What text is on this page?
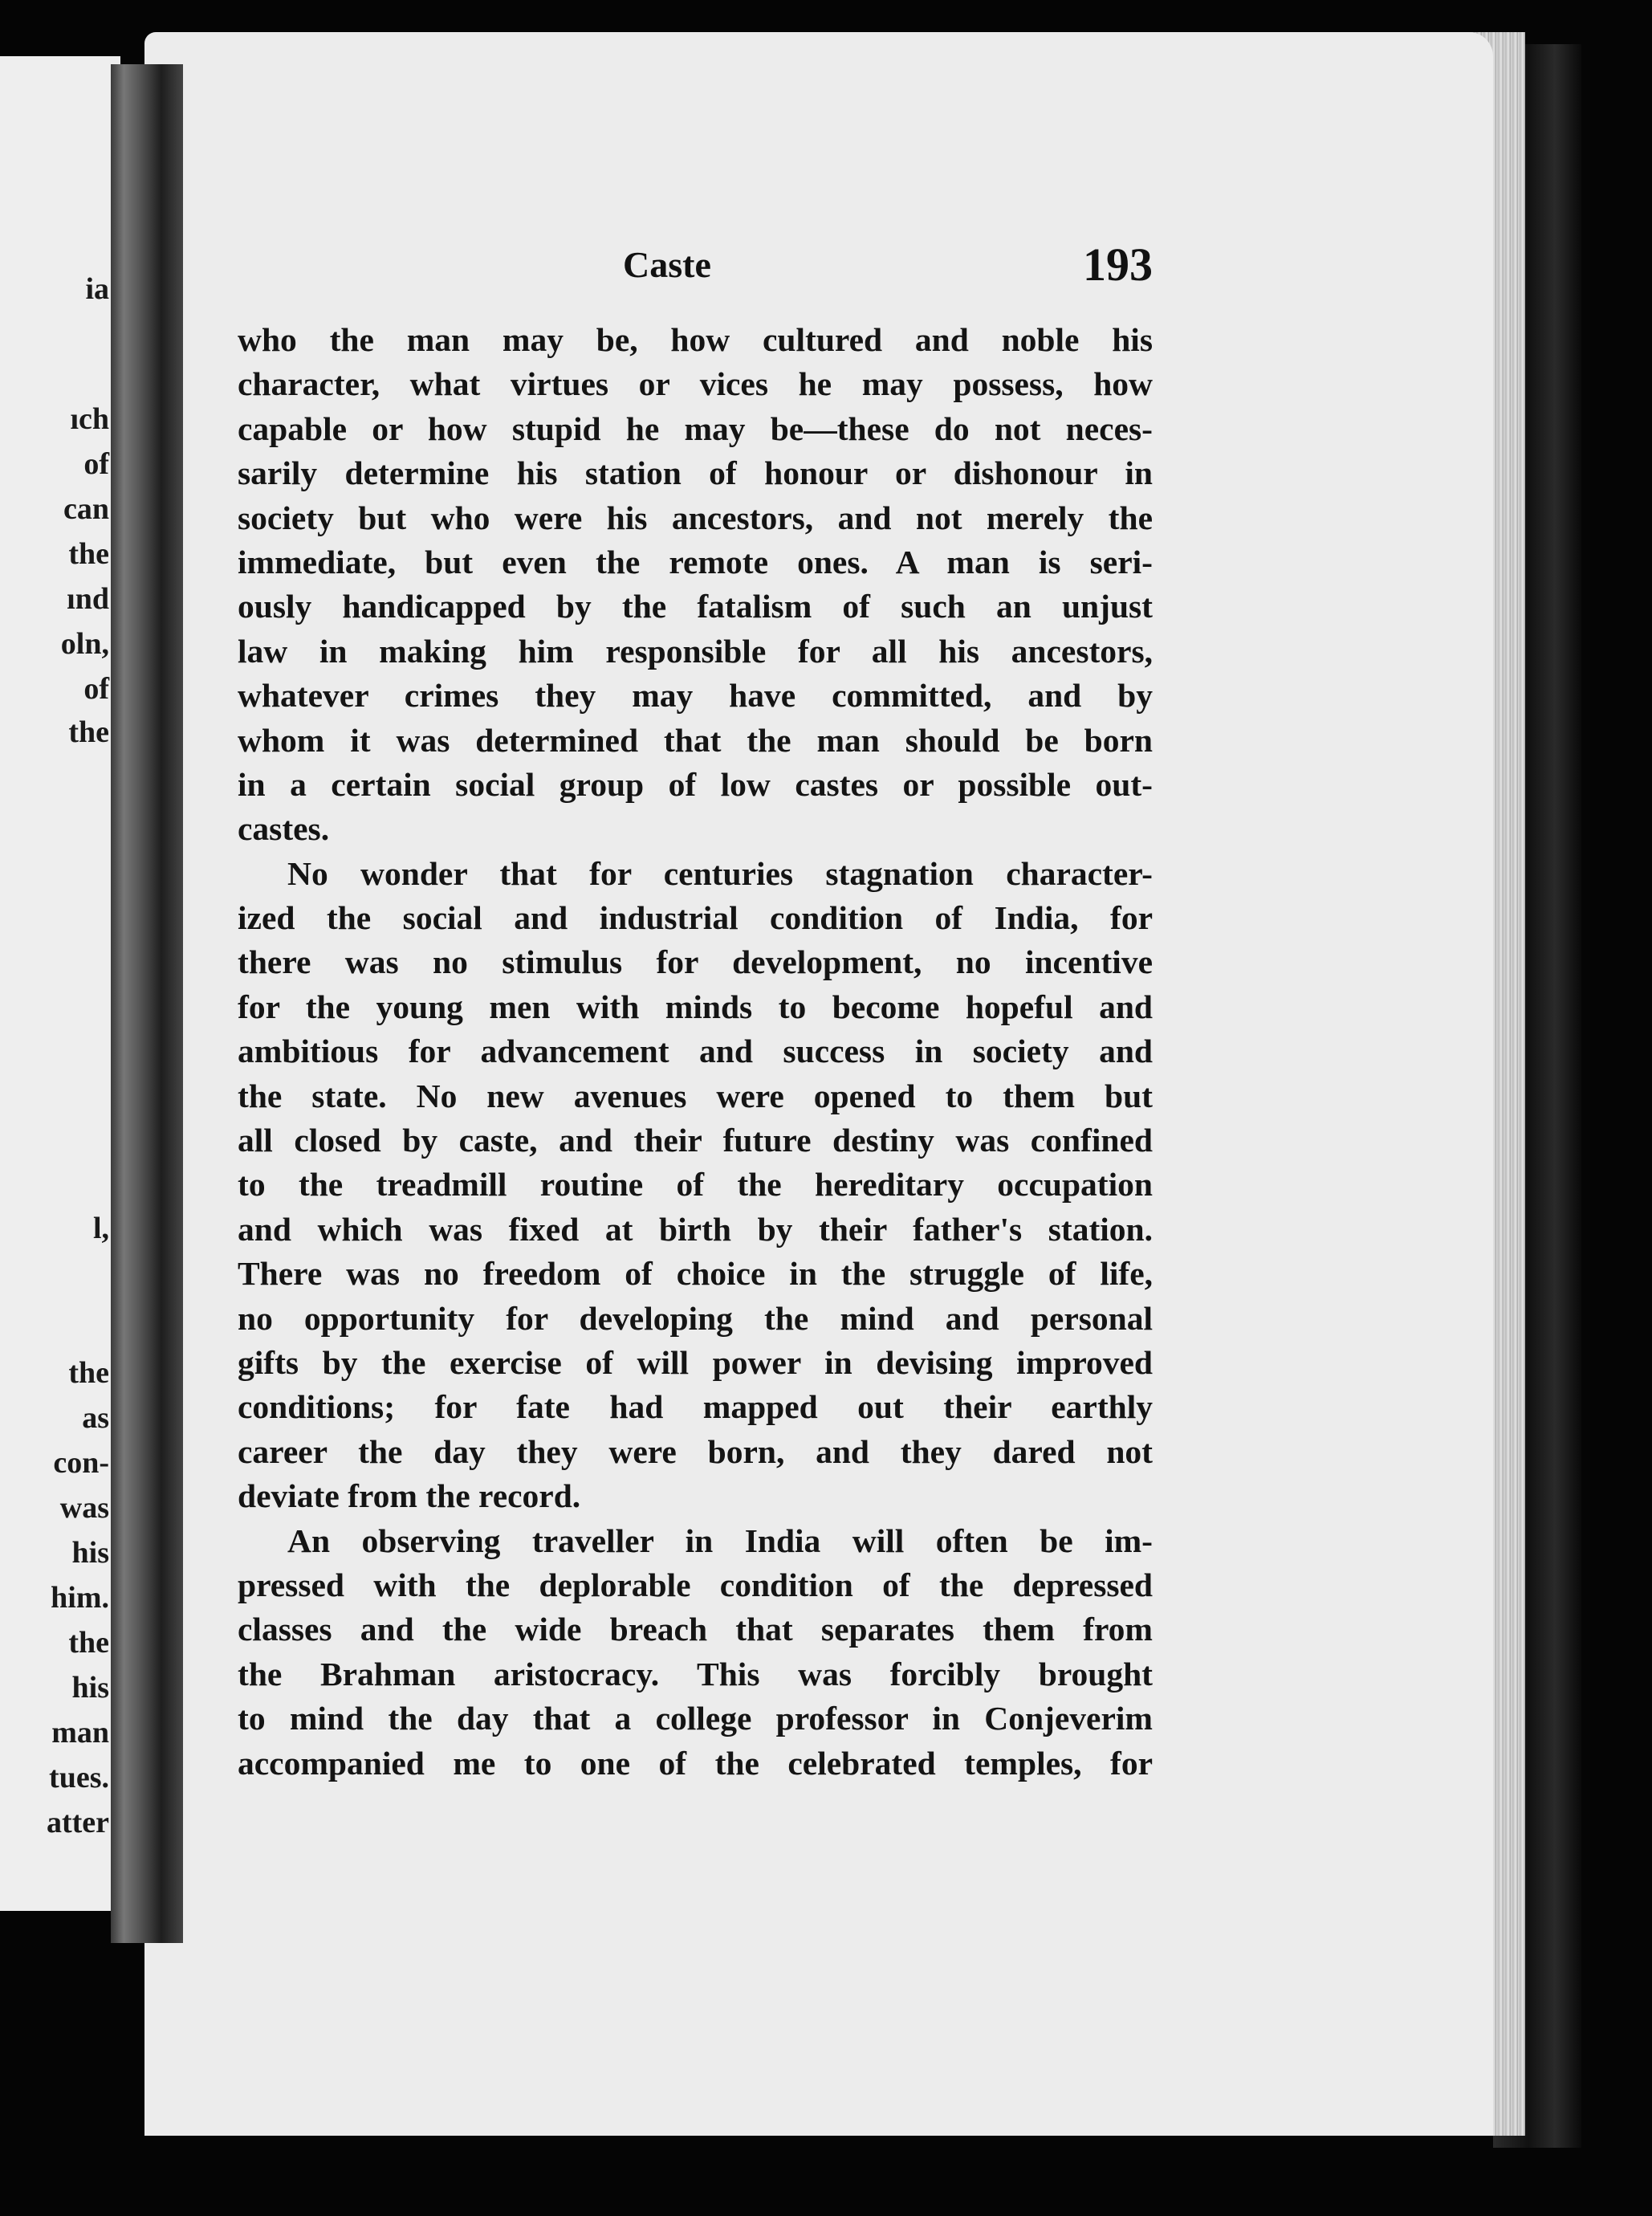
ia
ıch
of
can
the
ınd
oln,
of
the
l,
the
as
con-
was
his
him.
the
his
man
tues.
atter
Caste	193
who the man may be, how cultured and noble his
character, what virtues or vices he may possess, how
capable or how stupid he may be—these do not neces-
sarily determine his station of honour or dishonour in
society but who were his ancestors, and not merely the
immediate, but even the remote ones. A man is seri-
ously handicapped by the fatalism of such an unjust
law in making him responsible for all his ancestors,
whatever crimes they may have committed, and by
whom it was determined that the man should be born
in a certain social group of low castes or possible out-
castes.
No wonder that for centuries stagnation character-
ized the social and industrial condition of India, for
there was no stimulus for development, no incentive
for the young men with minds to become hopeful and
ambitious for advancement and success in society and
the state. No new avenues were opened to them but
all closed by caste, and their future destiny was confined
to the treadmill routine of the hereditary occupation
and which was fixed at birth by their father's station.
There was no freedom of choice in the struggle of life,
no opportunity for developing the mind and personal
gifts by the exercise of will power in devising improved
conditions; for fate had mapped out their earthly
career the day they were born, and they dared not
deviate from the record.
An observing traveller in India will often be im-
pressed with the deplorable condition of the depressed
classes and the wide breach that separates them from
the Brahman aristocracy. This was forcibly brought
to mind the day that a college professor in Conjeverim
accompanied me to one of the celebrated temples, for
